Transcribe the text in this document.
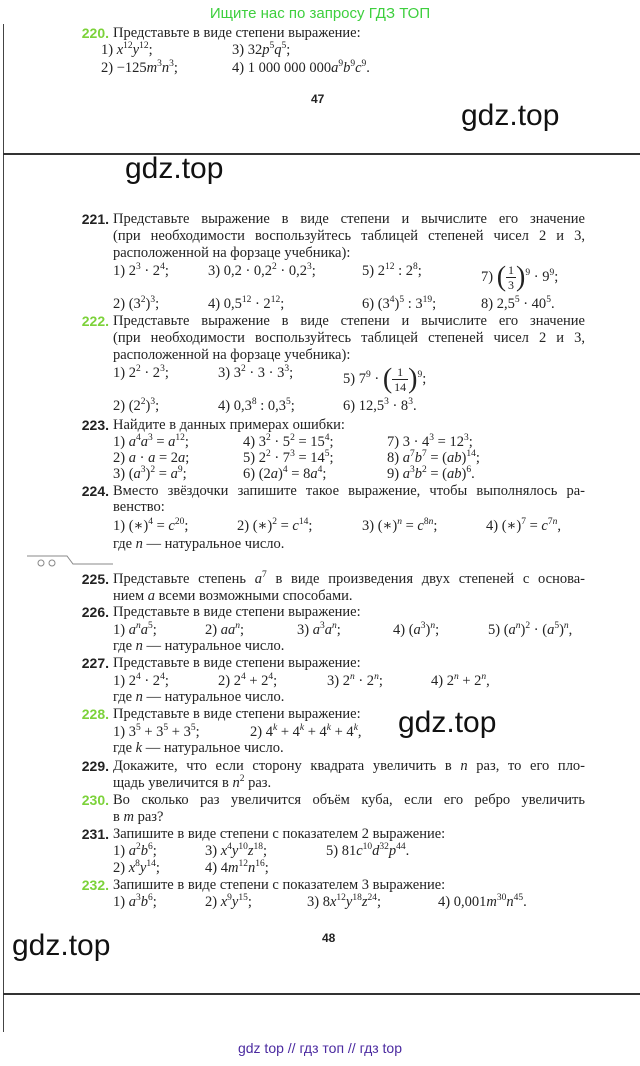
Ищите нас по запросу ГДЗ ТОП
220. Представьте в виде степени выражение:
1) $x^{12}y^{12}$;	3) $32p^5q^5$;
$2) -125m^3n^3$;	4) 1 000 000 $000a^9b^9c^9$.
47	gdz.top
gdz.top
221. Представьте выражение в виде степени и вычислите его значение
(при необходимости воспользуйтесь таблицей степеней чисел 2 и 3,
расположенной на форзаце учебника):
1) $2^3 \cdot 2^4$;	3) $0,2 \cdot 0,2^2 \cdot 0,2^3$;	5) $2^{12}$ : $2^8$;	7) ( $\frac{1}{3} )^9 \cdot 9^9$;
2) $(3^2)^3$;	4) $0,5^{12} \cdot 2^{12}$;	6) $(3^4)^5$ : $3^{19}$;	8) $2,5^5 \cdot 40^5$.
222. Представьте выражение в виде степени и вычислите его значение
(при необходимости воспользуйтесь таблицей степеней чисел 2 и 3,
расположенной на форзаце учебника):
1) $2^2 \cdot 2^3$;	3) $3^2 \cdot 3 \cdot 3^3$;	5) $7^9$ · ( $\frac{1}{14} )^9$;
2) $(2^2)^3$;	4) $0,3^8$ : $0,3^5$;	6) $12,5^3 \cdot 8^3$.
223. Найдите в данных примерах ошибки:
1) $a^4a^3 = a^{12}$;	4) $3^2 \cdot 5^2 = 15^4$;	7) $3 \cdot 4^3 = 12^3$;
2) a · a = 2a;	5) $2^2 \cdot 7^3 = 14^5$;	8) $a^7b^7 = (ab)^{14}$;
3) $(a^3)^2 = a^9$;	6) $(2a)^4 = 8a^4$;	9) $a^3b^2 = (ab)^6$.
224. Вместо звёздочки запишите такое выражение, чтобы выполнялось ра-
венство:
1) (∗)$^4$ = $c^{20}$;	2) (∗)$^2$ = $c^{14}$;	3) (∗)$^n$ = $c^{8n}$;	4) (∗)$^7$ = $c^{7n}$,
где n — натуральное число.
225. Представьте степень $a^7$ в виде произведения двух степеней с основа-
нием a всеми возможными способами.
226. Представьте в виде степени выражение:
1) $a^na^5$;	2) $aa^n$;	3) $a^3a^n$;	4) $(a^3)^n$;	5) $(a^n)^2 \cdot (a^5)^n$,
где n — натуральное число.
227. Представьте в виде степени выражение:
1) $2^4 \cdot 2^4$;	2) $2^4 + 2^4$;	3) $2^n \cdot 2^n$;	4) $2^n + 2^n$,
где n — натуральное число.
228. Представьте в виде степени выражение:
1) $3^5 + 3^5 + 3^5$;	2) $4^k + 4^k + 4^k + 4^k$,
где k — натуральное число.
gdz.top
229. Докажите, что если сторону квадрата увеличить в n раз, то его пло-
щадь увеличится в $n^2$ раз.
230. Во сколько раз увеличится объём куба, если его ребро увеличить
в m раз?
231. Запишите в виде степени с показателем 2 выражение:
1) $a^2b^6$;	3) $x^4y^{10}z^{18}$;	5) $81c^{10}d^{32}p^{44}$.
2) $x^8y^{14}$;	4) $4m^{12}n^{16}$;
232. Запишите в виде степени с показателем 3 выражение:
1) $a^3b^6$;	2) $x^9y^{15}$;	3) $8x^{12}y^{18}z^{24}$;	4) $0,001m^{30}n^{45}$.
48
gdz.top
gdz top // гдз топ // гдз top
